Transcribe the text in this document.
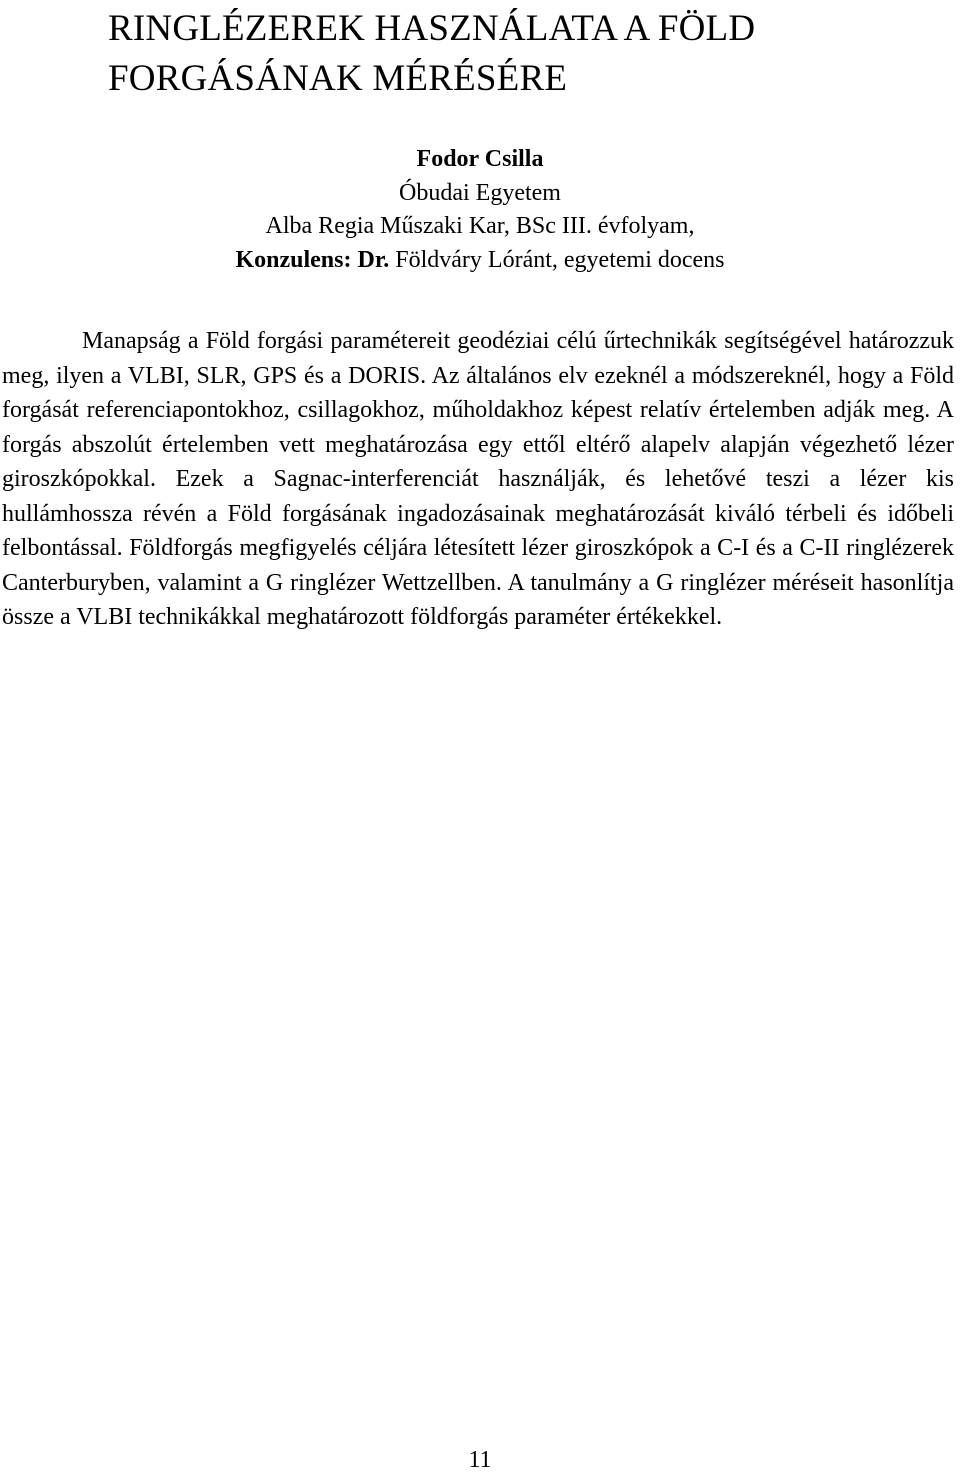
RINGLÉZEREK HASZNÁLATA A FÖLD
FORGÁSÁNAK MÉRÉSÉRE
Fodor Csilla
Óbudai Egyetem
Alba Regia Műszaki Kar, BSc III. évfolyam,
Konzulens: Dr. Földváry Lóránt, egyetemi docens

Manapság a Föld forgási paramétereit geodéziai célú űrtechnikák segítségével határozzuk meg, ilyen a VLBI, SLR, GPS és a DORIS. Az általános elv ezeknél a módszereknél, hogy a Föld forgását referenciapontokhoz, csillagokhoz, műholdakhoz képest relatív értelemben adják meg. A forgás abszolút értelemben vett meghatározása egy ettől eltérő alapelv alapján végezhető lézer giroszkópokkal. Ezek a Sagnac-interferenciát használják, és lehetővé teszi a lézer kis hullámhossza révén a Föld forgásának ingadozásainak meghatározását kiváló térbeli és időbeli felbontással. Földforgás megfigyelés céljára létesített lézer giroszkópok a C-I és a C-II ringlézerek Canterburyben, valamint a G ringlézer Wettzellben. A tanulmány a G ringlézer méréseit hasonlítja össze a VLBI technikákkal meghatározott földforgás paraméter értékekkel.

11
